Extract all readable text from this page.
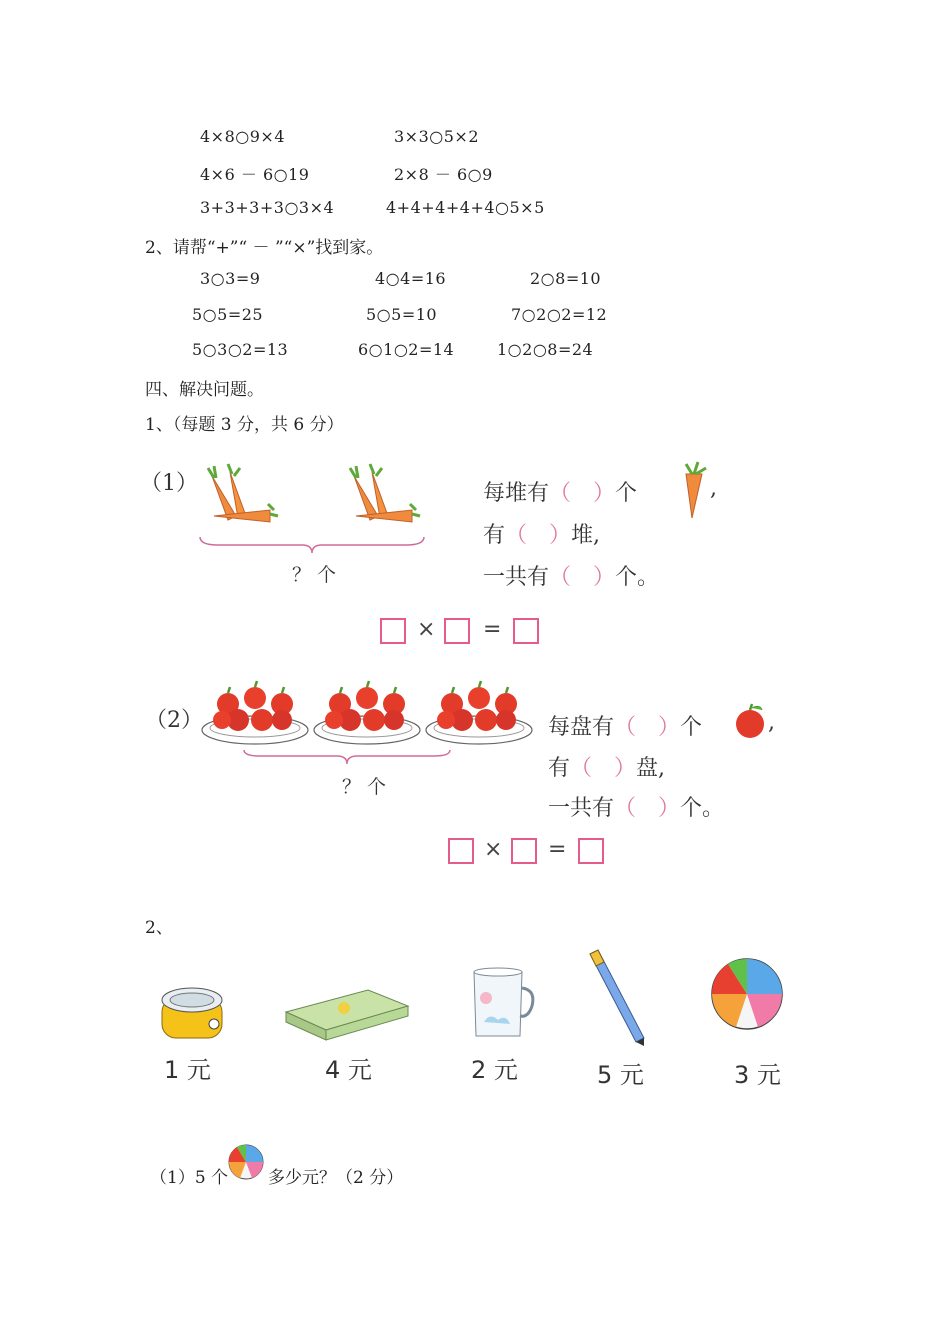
4×8○9×4	3×3○5×2
4×6 － 6○19	2×8 － 6○9
3+3+3+3○3×4	4+4+4+4+4○5×5
2、请帮“+”“ － ”“×”找到家。
3○3=9	4○4=16	2○8=10
5○5=25	5○5=10	7○2○2=12
5○3○2=13	6○1○2=14	1○2○8=24
四、解决问题。
1、（每题 3 分，共 6 分）
（1）
？ 个
每堆有（ ）个	,
有（ ）堆,
一共有（ ）个。
× =
（2）
？ 个
每盘有（ ）个	,
有（ ）盘,
一共有（ ）个。
× =
2、
1 元	4 元	2 元	5 元	3 元
（1）5 个 多少元？（2 分）
